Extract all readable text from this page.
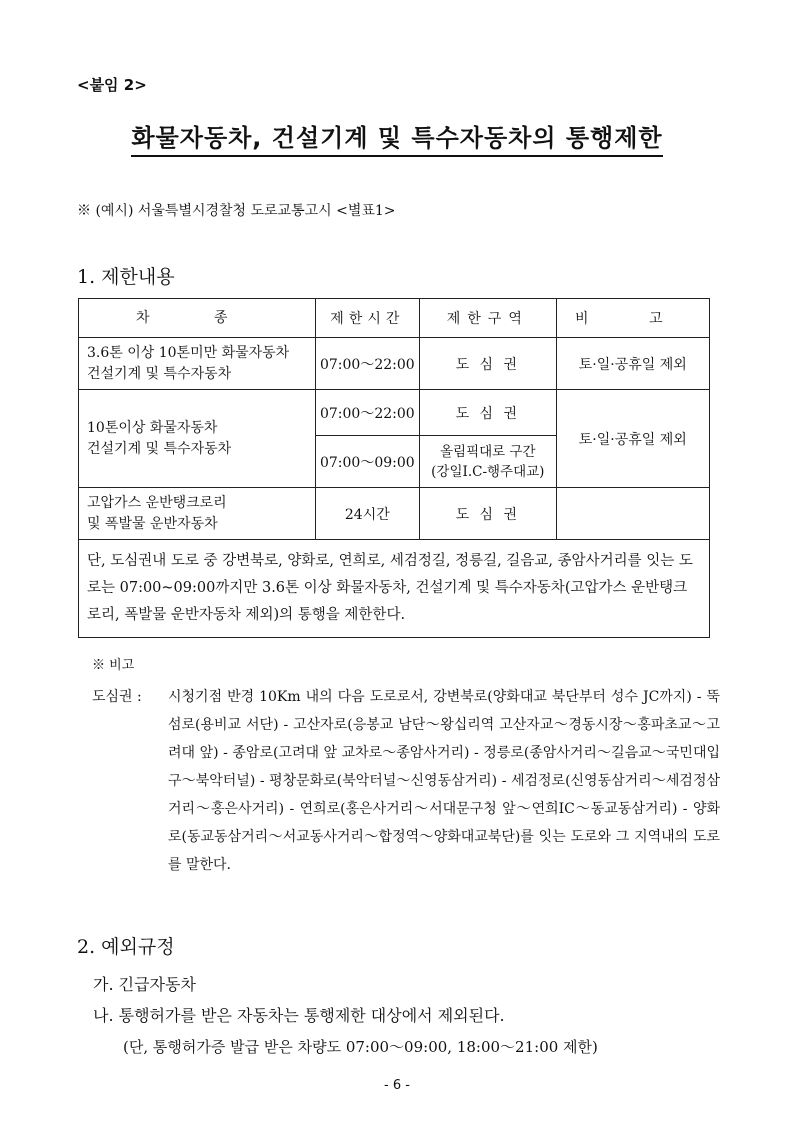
<붙임 2>
화물자동차, 건설기계 및 특수자동차의 통행제한
※ (예시) 서울특별시경찰청 도로교통고시 <별표1>
1. 제한내용
차 종	제한시간	제한구역	비 고

3.6톤 이상 10톤미만 화물자동차
건설기계 및 특수자동차	07:00～22:00	도 심 권	토·일·공휴일 제외

10톤이상 화물자동차
건설기계 및 특수자동차	07:00～22:00	도 심 권	토·일·공휴일 제외
	07:00～09:00	올림픽대로 구간
(강일I.C-행주대교)	

고압가스 운반탱크로리
및 폭발물 운반자동차	24시간	도 심 권	
단, 도심권내 도로 중 강변북로, 양화로, 연희로, 세검정길, 정릉길, 길음교, 종암사거리를 잇는 도로는 07:00~09:00까지만 3.6톤 이상 화물자동차, 건설기계 및 특수자동차(고압가스 운반탱크로리, 폭발물 운반자동차 제외)의 통행을 제한한다.			
※ 비고
도심권 : 시청기점 반경 10Km 내의 다음 도로로서, 강변북로(양화대교 북단부터 성수 JC까지) - 뚝섬로(용비교 서단) - 고산자로(응봉교 남단～왕십리역 고산자교～경동시장～홍파초교～고려대 앞) - 종암로(고려대 앞 교차로～종암사거리) - 정릉로(종암사거리～길음교～국민대입구～북악터널) - 평창문화로(북악터널～신영동삼거리) - 세검정로(신영동삼거리～세검정삼거리～홍은사거리) - 연희로(홍은사거리～서대문구청 앞～연희IC～동교동삼거리) - 양화로(동교동삼거리～서교동사거리～합정역～양화대교북단)를 잇는 도로와 그 지역내의 도로를 말한다.
2. 예외규정
가. 긴급자동차
나. 통행허가를 받은 자동차는 통행제한 대상에서 제외된다.
(단, 통행허가증 발급 받은 차량도 07:00～09:00, 18:00～21:00 제한)
- 6 -
